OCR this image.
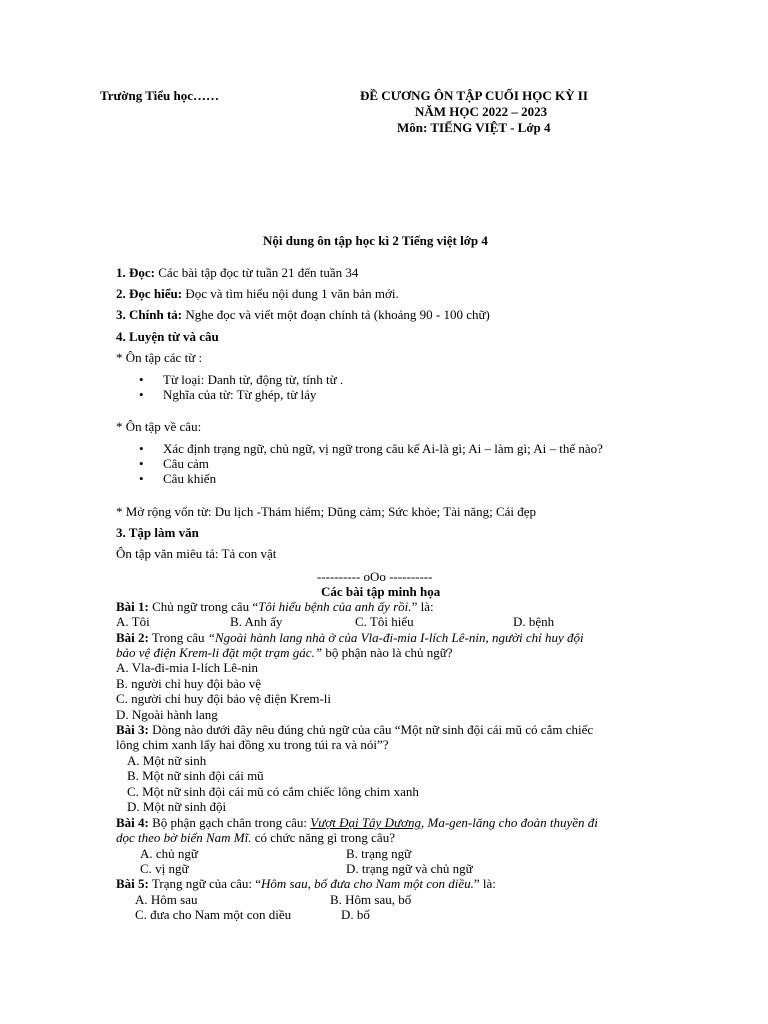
Trường Tiểu học……	ĐỀ CƯƠNG ÔN TẬP CUỐI HỌC KỲ II
NĂM HỌC 2022 – 2023
Môn: TIẾNG VIỆT - Lớp 4
Nội dung ôn tập học kì 2 Tiếng việt lớp 4
1. Đọc: Các bài tập đọc từ tuần 21 đến tuần 34
2. Đọc hiểu: Đọc và tìm hiểu nội dung 1 văn bản mới.
3. Chính tả: Nghe đọc và viết một đoạn chính tả (khoảng 90 - 100 chữ)
4. Luyện từ và câu
* Ôn tập các từ :
• Từ loại: Danh từ, động từ, tính từ .
• Nghĩa của từ: Từ ghép, từ láy
* Ôn tập về câu:
• Xác định trạng ngữ, chủ ngữ, vị ngữ trong câu kể Ai-là gì; Ai – làm gì; Ai – thế nào?
• Câu cảm
• Câu khiến
* Mở rộng vốn từ: Du lịch -Thám hiểm; Dũng cảm; Sức khỏe; Tài năng; Cái đẹp
3. Tập làm văn
Ôn tập văn miêu tả: Tả con vật
---------- oOo ----------
Các bài tập minh họa
Bài 1: Chủ ngữ trong câu “Tôi hiểu bệnh của anh ấy rồi.” là:
A. Tôi	B. Anh ấy	C. Tôi hiểu	D. bệnh
Bài 2: Trong câu “Ngoài hành lang nhà ở của Vla-đi-mia I-lích Lê-nin, người chỉ huy đội
bảo vệ điện Krem-li đặt một trạm gác.” bộ phận nào là chủ ngữ?
A. Vla-đi-mia I-lích Lê-nin
B. người chỉ huy đội bảo vệ
C. người chỉ huy đội bảo vệ điện Krem-li
D. Ngoài hành lang
Bài 3: Dòng nào dưới đây nêu đúng chủ ngữ của câu “Một nữ sinh đội cái mũ có cắm chiếc
lông chim xanh lấy hai đồng xu trong túi ra và nói”?
A. Một nữ sinh
B. Một nữ sinh đội cái mũ
C. Một nữ sinh đội cái mũ có cắm chiếc lông chim xanh
D. Một nữ sinh đội
Bài 4: Bộ phận gạch chân trong câu: Vượt Đại Tây Dương, Ma-gen-lăng cho đoàn thuyền đi
dọc theo bờ biển Nam Mĩ. có chức năng gì trong câu?
A. chủ ngữ	B. trạng ngữ
C. vị ngữ	D. trạng ngữ và chủ ngữ
Bài 5: Trạng ngữ của câu: “Hôm sau, bố đưa cho Nam một con diều.” là:
A. Hôm sau	B. Hôm sau, bố
C. đưa cho Nam một con diều	D. bố
